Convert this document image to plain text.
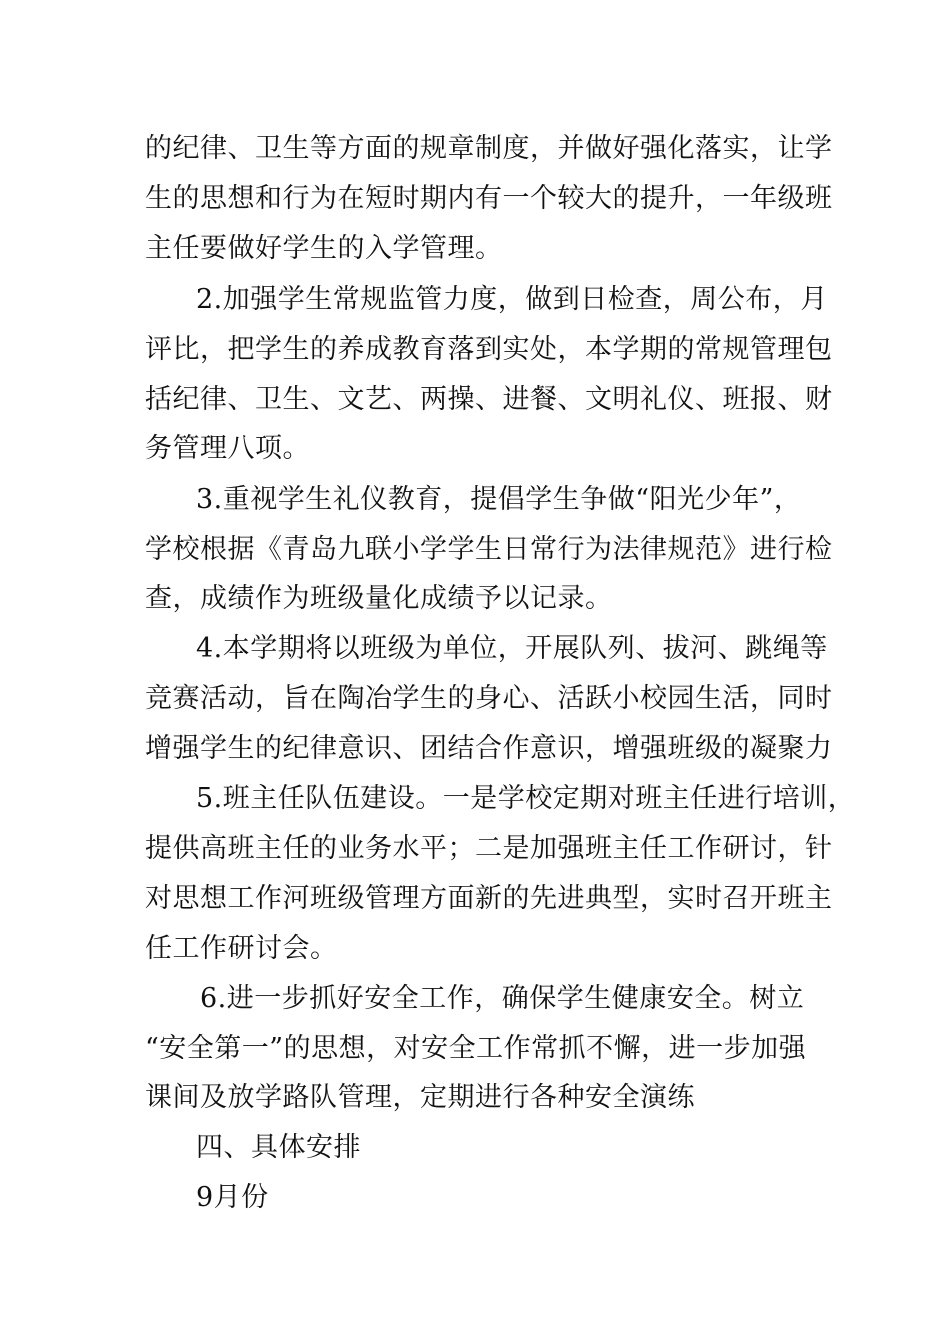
的纪律、卫生等方面的规章制度，并做好强化落实，让学
生的思想和行为在短时期内有一个较大的提升，一年级班
主任要做好学生的入学管理。
2.加强学生常规监管力度，做到日检查，周公布，月
评比，把学生的养成教育落到实处，本学期的常规管理包
括纪律、卫生、文艺、两操、进餐、文明礼仪、班报、财
务管理八项。
3.重视学生礼仪教育，提倡学生争做“阳光少年”，
学校根据《青岛九联小学学生日常行为法律规范》进行检
查，成绩作为班级量化成绩予以记录。
4.本学期将以班级为单位，开展队列、拔河、跳绳等
竞赛活动，旨在陶冶学生的身心、活跃小校园生活，同时
增强学生的纪律意识、团结合作意识，增强班级的凝聚力
5.班主任队伍建设。一是学校定期对班主任进行培训，
提供高班主任的业务水平；二是加强班主任工作研讨，针
对思想工作河班级管理方面新的先进典型，实时召开班主
任工作研讨会。
6.进一步抓好安全工作，确保学生健康安全。树立
“安全第一”的思想，对安全工作常抓不懈，进一步加强
课间及放学路队管理，定期进行各种安全演练
四、具体安排
9月份
